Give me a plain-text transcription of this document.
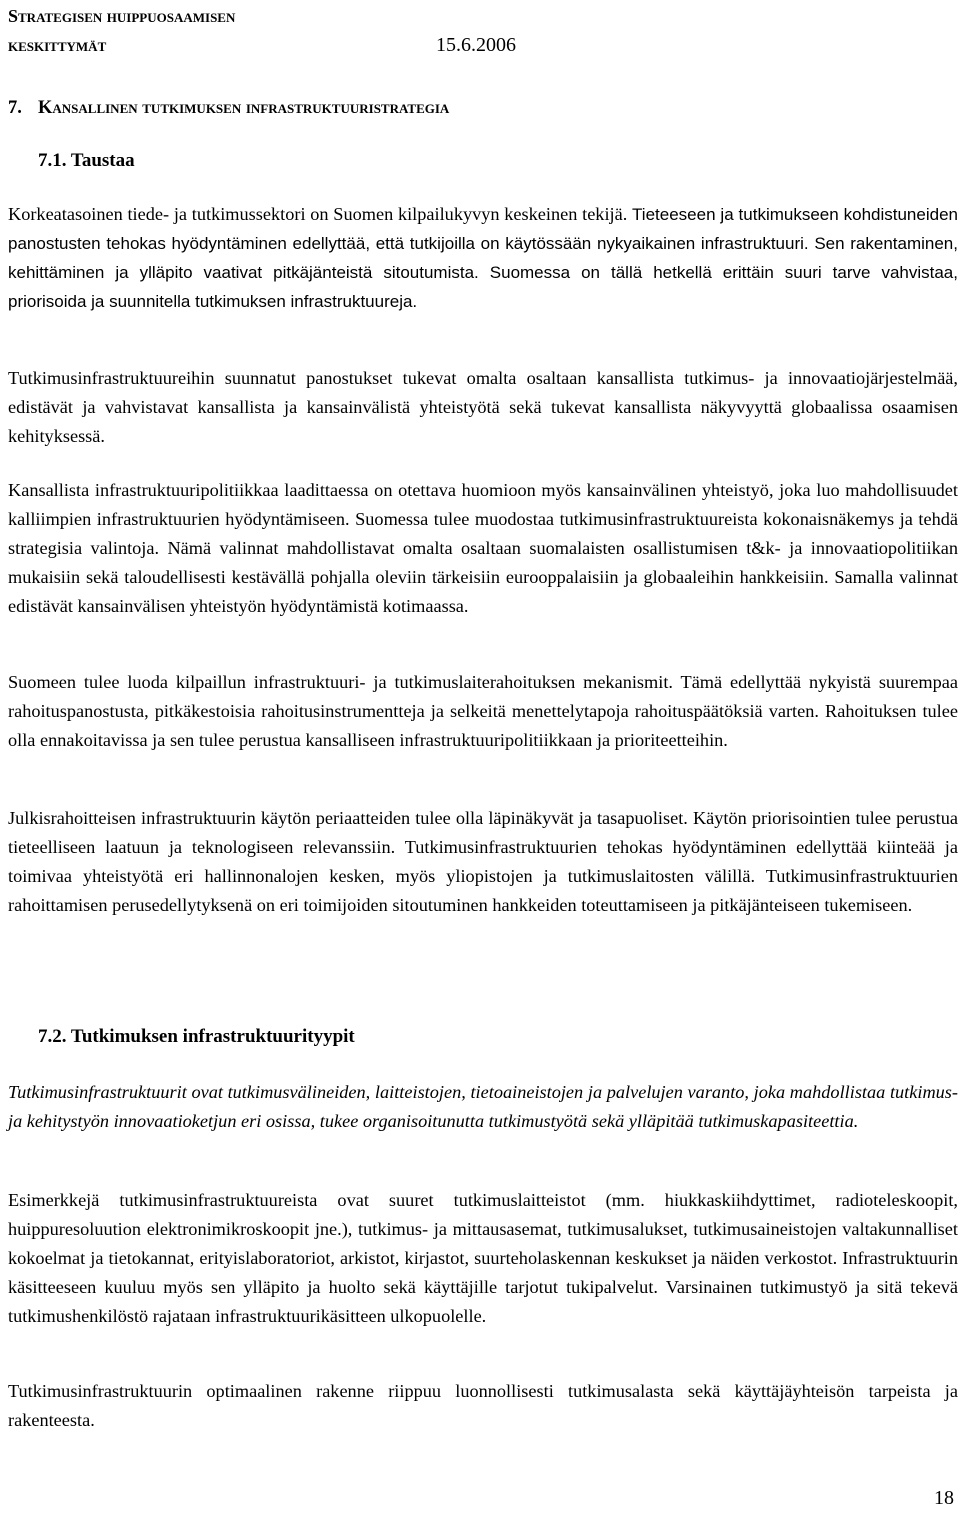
Strategisen huippuosaamisen
keskittymät	15.6.2006
7. Kansallinen tutkimuksen infrastruktuuristrategia
7.1. Taustaa
Korkeatasoinen tiede- ja tutkimussektori on Suomen kilpailukyvyn keskeinen tekijä. Tieteeseen ja tutkimukseen kohdistuneiden panostusten tehokas hyödyntäminen edellyttää, että tutkijoilla on käytössään nykyaikainen infrastruktuuri. Sen rakentaminen, kehittäminen ja ylläpito vaativat pitkäjänteistä sitoutumista. Suomessa on tällä hetkellä erittäin suuri tarve vahvistaa, priorisoida ja suunnitella tutkimuksen infrastruktuureja.
Tutkimusinfrastruktuureihin suunnatut panostukset tukevat omalta osaltaan kansallista tutkimus- ja innovaatiojärjestelmää, edistävät ja vahvistavat kansallista ja kansainvälistä yhteistyötä sekä tukevat kansallista näkyvyyttä globaalissa osaamisen kehityksessä.
Kansallista infrastruktuuripolitiikkaa laadittaessa on otettava huomioon myös kansainvälinen yhteistyö, joka luo mahdollisuudet kalliimpien infrastruktuurien hyödyntämiseen. Suomessa tulee muodostaa tutkimusinfrastruktuureista kokonaisnäkemys ja tehdä strategisia valintoja. Nämä valinnat mahdollistavat omalta osaltaan suomalaisten osallistumisen t&k- ja innovaatiopolitiikan mukaisiin sekä taloudellisesti kestävällä pohjalla oleviin tärkeisiin eurooppalaisiin ja globaaleihin hankkeisiin. Samalla valinnat edistävät kansainvälisen yhteistyön hyödyntämistä kotimaassa.
Suomeen tulee luoda kilpaillun infrastruktuuri- ja tutkimuslaiterahoituksen mekanismit. Tämä edellyttää nykyistä suurempaa rahoituspanostusta, pitkäkestoisia rahoitusinstrumentteja ja selkeitä menettelytapoja rahoituspäätöksiä varten. Rahoituksen tulee olla ennakoitavissa ja sen tulee perustua kansalliseen infrastruktuuripolitiikkaan ja prioriteetteihin.
Julkisrahoitteisen infrastruktuurin käytön periaatteiden tulee olla läpinäkyvät ja tasapuoliset. Käytön priorisointien tulee perustua tieteelliseen laatuun ja teknologiseen relevanssiin. Tutkimusinfrastruktuurien tehokas hyödyntäminen edellyttää kiinteää ja toimivaa yhteistyötä eri hallinnonalojen kesken, myös yliopistojen ja tutkimuslaitosten välillä. Tutkimusinfrastruktuurien rahoittamisen perusedellytyksenä on eri toimijoiden sitoutuminen hankkeiden toteuttamiseen ja pitkäjänteiseen tukemiseen.
7.2. Tutkimuksen infrastruktuurityypit
Tutkimusinfrastruktuurit ovat tutkimusvälineiden, laitteistojen, tietoaineistojen ja palvelujen varanto, joka mahdollistaa tutkimus- ja kehitystyön innovaatioketjun eri osissa, tukee organisoitunutta tutkimustyötä sekä ylläpitää tutkimuskapasiteettia.
Esimerkkejä tutkimusinfrastruktuureista ovat suuret tutkimuslaitteistot (mm. hiukkaskiihdyttimet, radioteleskoopit, huippuresoluution elektronimikroskoopit jne.), tutkimus- ja mittausasemat, tutkimusalukset, tutkimusaineistojen valtakunnalliset kokoelmat ja tietokannat, erityislaboratoriot, arkistot, kirjastot, suurteholaskennan keskukset ja näiden verkostot. Infrastruktuurin käsitteeseen kuuluu myös sen ylläpito ja huolto sekä käyttäjille tarjotut tukipalvelut. Varsinainen tutkimustyö ja sitä tekevä tutkimushenkilöstö rajataan infrastruktuurikäsitteen ulkopuolelle.
Tutkimusinfrastruktuurin optimaalinen rakenne riippuu luonnollisesti tutkimusalasta sekä käyttäjäyhteisön tarpeista ja rakenteesta.
18
